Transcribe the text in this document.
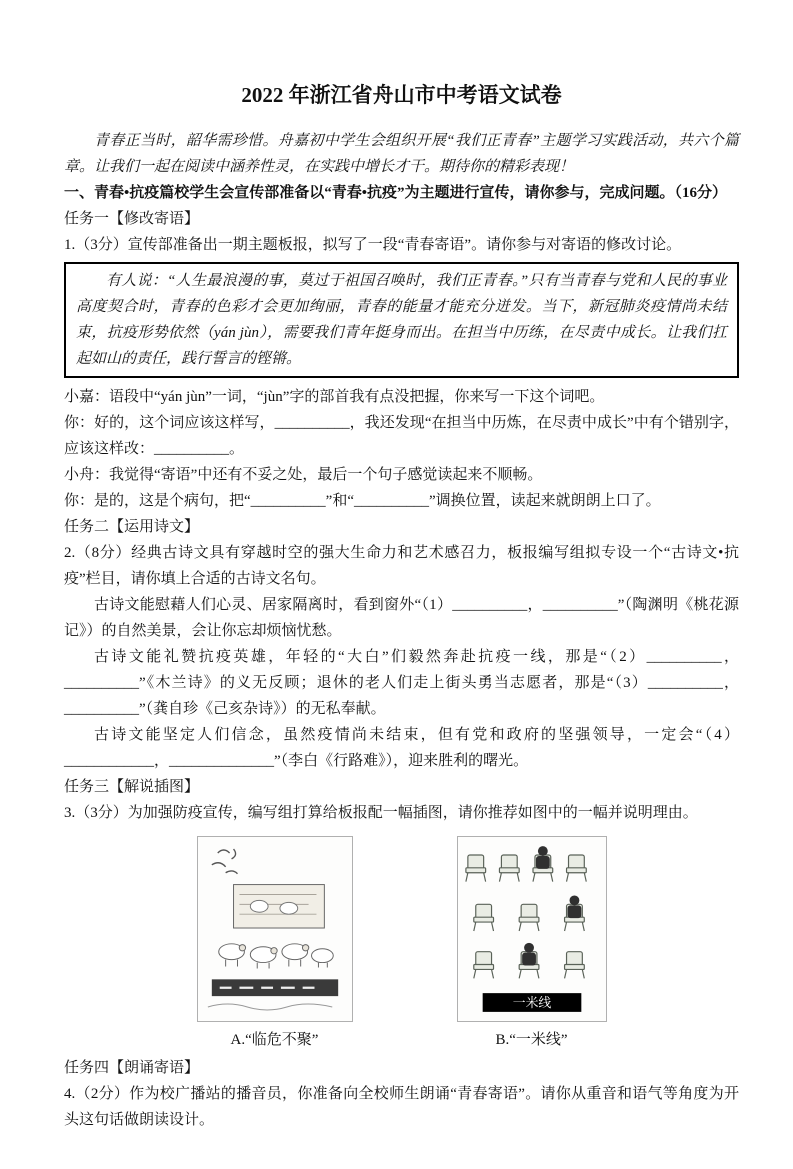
2022 年浙江省舟山市中考语文试卷

青春正当时，韶华需珍惜。舟嘉初中学生会组织开展“我们正青春”主题学习实践活动，共六个篇章。让我们一起在阅读中涵养性灵，在实践中增长才干。期待你的精彩表现！

一、青春•抗疫篇校学生会宣传部准备以“青春•抗疫”为主题进行宣传，请你参与，完成问题。（16分）

任务一【修改寄语】

1.（3分）宣传部准备出一期主题板报，拟写了一段“青春寄语”。请你参与对寄语的修改讨论。

有人说：“人生最浪漫的事，莫过于祖国召唤时，我们正青春。”只有当青春与党和人民的事业高度契合时，青春的色彩才会更加绚丽，青春的能量才能充分迸发。当下，新冠肺炎疫情尚未结束，抗疫形势依然（yán jùn），需要我们青年挺身而出。在担当中历练，在尽责中成长。让我们扛起如山的责任，践行誓言的铿锵。

小嘉：语段中“yán jùn”一词，“jùn”字的部首我有点没把握，你来写一下这个词吧。

你：好的，这个词应该这样写，__________，我还发现“在担当中历炼，在尽责中成长”中有个错别字，应该这样改：__________。

小舟：我觉得“寄语”中还有不妥之处，最后一个句子感觉读起来不顺畅。

你：是的，这是个病句，把“__________”和“__________”调换位置，读起来就朗朗上口了。

任务二【运用诗文】

2.（8分）经典古诗文具有穿越时空的强大生命力和艺术感召力，板报编写组拟专设一个“古诗文•抗疫”栏目，请你填上合适的古诗文名句。

古诗文能慰藉人们心灵、居家隔离时，看到窗外“（1）__________，__________”（陶渊明《桃花源记》）的自然美景，会让你忘却烦恼忧愁。

古诗文能礼赞抗疫英雄，年轻的“大白”们毅然奔赴抗疫一线，那是“（2）__________，__________”《木兰诗》的义无反顾；退休的老人们走上街头勇当志愿者，那是“（3）__________，__________”（龚自珍《己亥杂诗》）的无私奉献。

古诗文能坚定人们信念，虽然疫情尚未结束，但有党和政府的坚强领导，一定会“（4）____________，______________”（李白《行路难》），迎来胜利的曙光。

任务三【解说插图】

3.（3分）为加强防疫宣传，编写组打算给板报配一幅插图，请你推荐如图中的一幅并说明理由。

A.“临危不聚”
一米线
B.“一米线”

任务四【朗诵寄语】

4.（2分）作为校广播站的播音员，你准备向全校师生朗诵“青春寄语”。请你从重音和语气等角度为开头这句话做朗读设计。
